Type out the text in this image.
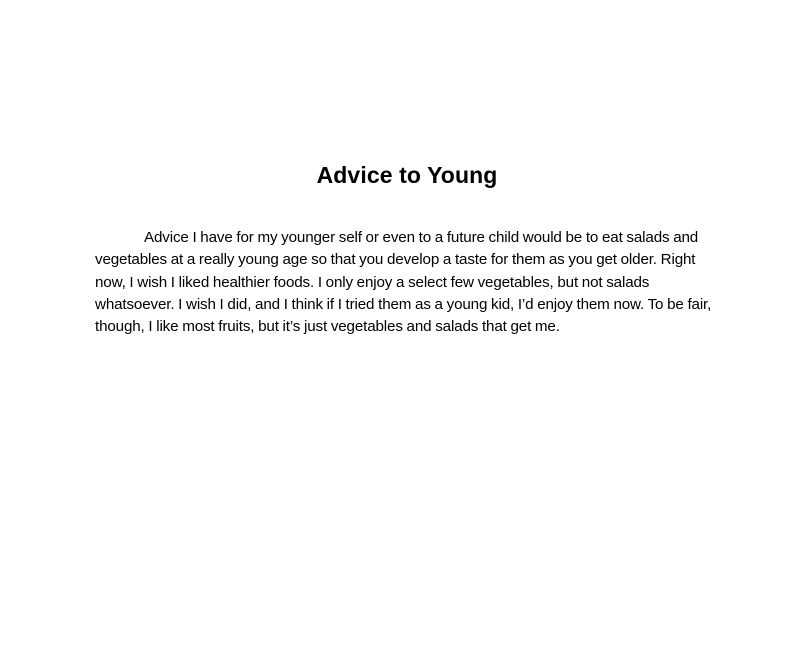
Advice to Young

Advice I have for my younger self or even to a future child would be to eat salads and vegetables at a really young age so that you develop a taste for them as you get older. Right now, I wish I liked healthier foods. I only enjoy a select few vegetables, but not salads whatsoever. I wish I did, and I think if I tried them as a young kid, I’d enjoy them now. To be fair, though, I like most fruits, but it’s just vegetables and salads that get me.
